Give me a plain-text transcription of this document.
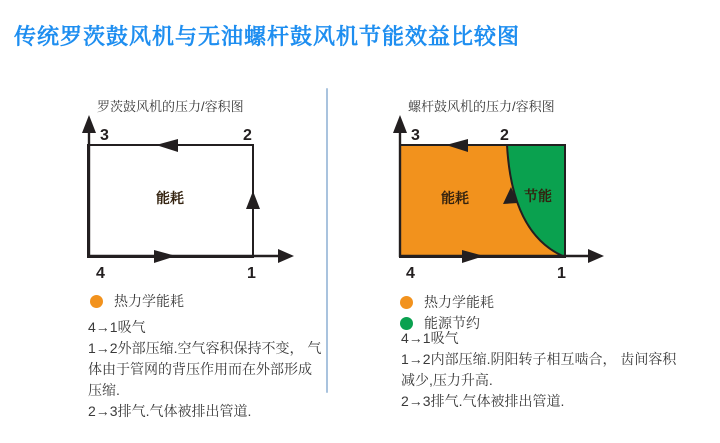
传统罗茨鼓风机与无油螺杆鼓风机节能效益比较图
罗茨鼓风机的压力/容积图
3	2
4	1
能耗
热力学能耗
4→1吸气
1→2外部压缩.空气容积保持不变， 气体由于管网的背压作用而在外部形成压缩.
2→3排气.气体被排出管道.
螺杆鼓风机的压力/容积图
3	2
4	1
能耗	节能
热力学能耗
能源节约
4→1吸气
1→2内部压缩.阴阳转子相互啮合， 齿间容积减少,压力升高.
2→3排气.气体被排出管道.
